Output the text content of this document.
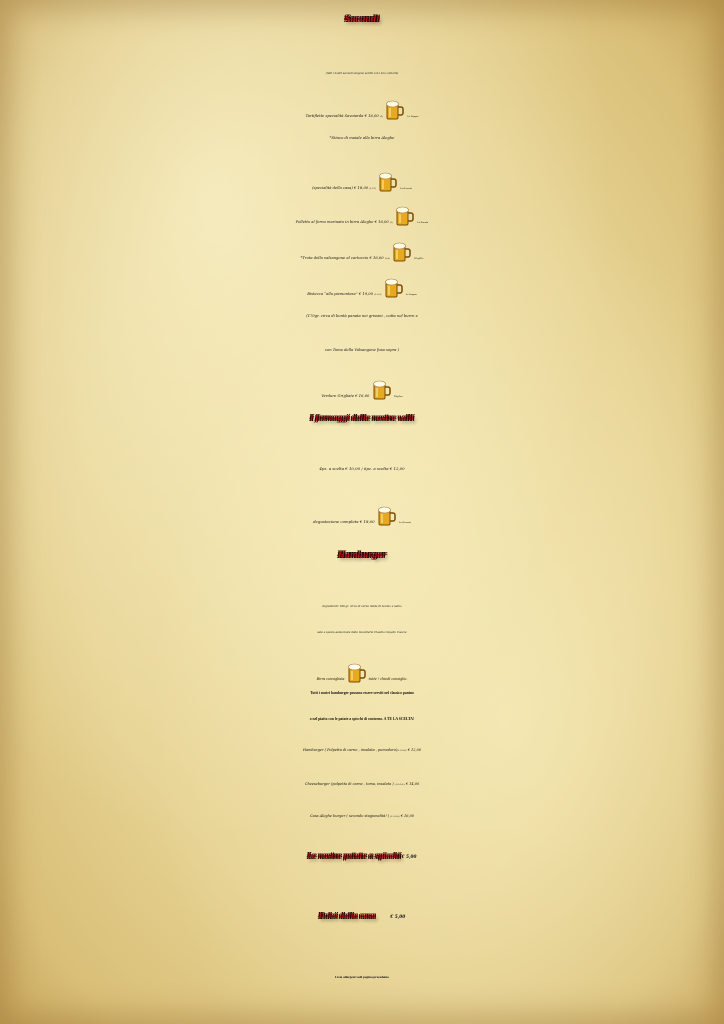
Secondi
(tutti i nostri secondi vengono serviti con i loro contorni)
Tartiflette specialità Savoiarda € 16,00 (2)	La Doppio
*Stinco di maiale alla birra Aleghe
(specialità della casa) € 18,00 (1-13)	La Brusatà
Polletto al forno marinato in birra Aleghe € 16,00 (1)	La Bionda
*Trota della valsangone al cartoccio € 16,00 (2-4)	WhyZEn
Bistecca “alla piemontese” € 19,00 (1-2-3)	La Doppio
(170gr. circa di bontà panata nei grissini , cotta nel burro e
con Toma della Valsangone fusa sopra )
Verdure Grigliate € 16,00	WhyZen
I formaggi delle nostre valli
4pz. a scelta € 10,00 / 6pz. a scelta € 12,00
degustazione completa € 18,00	La Brusatà
Hamburger
Ingredienti: 180 gr. circa di carne mista di bovino e suino
sale e spezie,selezonate dalla macelleria Claudio Capello Coazze
Birra consigliata	tutte ! chiedi consiglio.
Tutti i nostri hamburger possono essere serviti nel classico panino
o nel piatto con le patate a spicchi di contorno. A TE LA SCELTA!
Hamburger ( Polpetta di carne , insalata , pomodoro)(1-2-3-6) € 12,00
Cheeseburger (polpetta di carne , toma, insalata ) (1-2-3-6-) € 14,00
Casa Aleghe burger ( secondo stagionalità! ) (1-2-3-6) € 16,00
Le nostre patate a spicchi € 5,00
Dolci della casa	€ 5,00
Lista allergeni vedi pagina precedente
